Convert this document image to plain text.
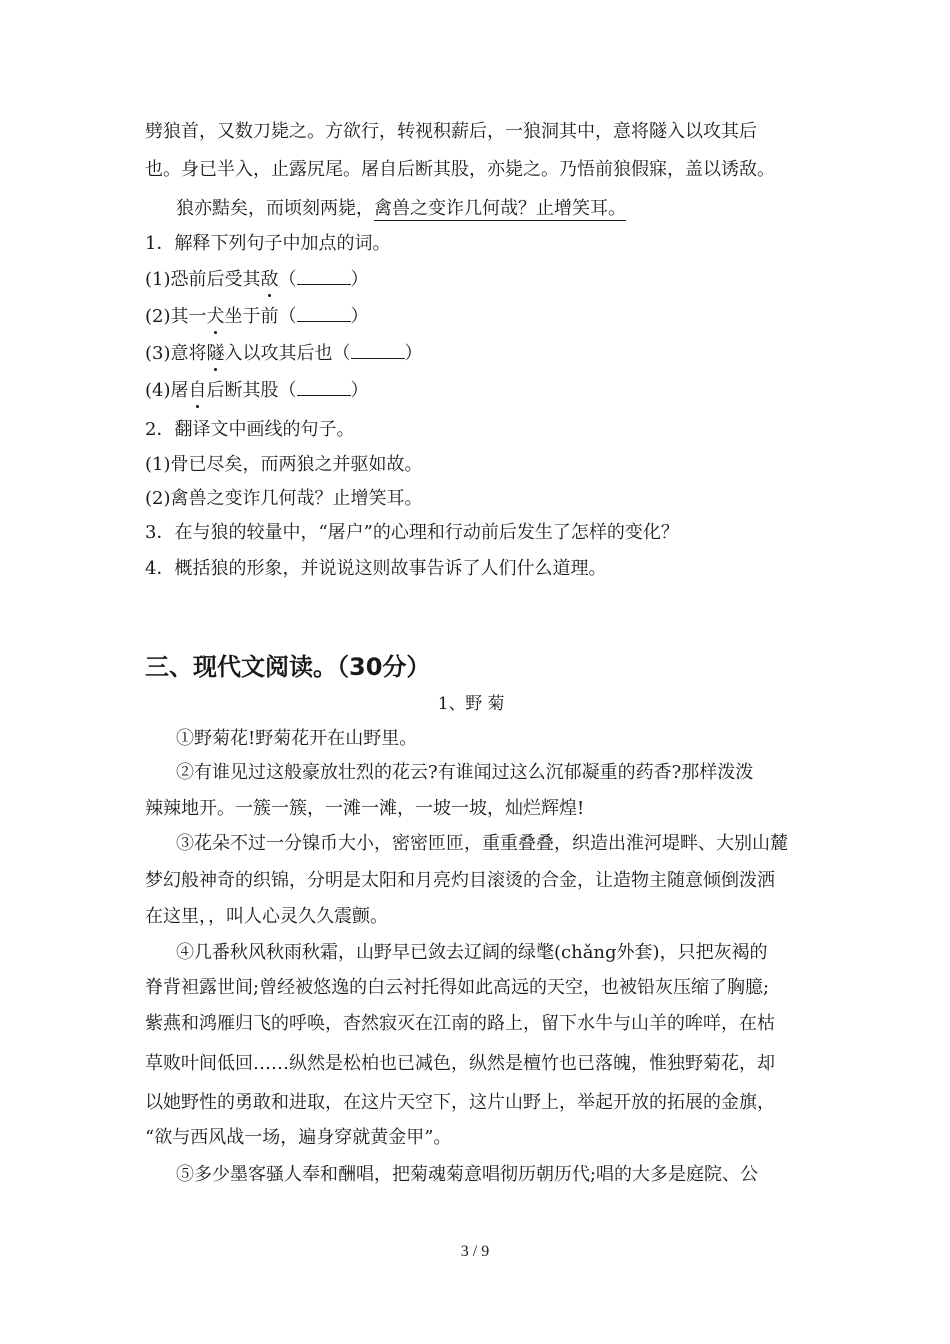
劈狼首，又数刀毙之。方欲行，转视积薪后，一狼洞其中，意将隧入以攻其后
也。身已半入，止露尻尾。屠自后断其股，亦毙之。乃悟前狼假寐，盖以诱敌。
狼亦黠矣，而顷刻两毙，禽兽之变诈几何哉？止增笑耳。
1．解释下列句子中加点的词。
(1)恐前后受其敌（	）
(2)其一犬坐于前（	）
(3)意将隧入以攻其后也（	）
(4)屠自后断其股（	）
2．翻译文中画线的句子。
(1)骨已尽矣，而两狼之并驱如故。
(2)禽兽之变诈几何哉？止增笑耳。
3．在与狼的较量中，“屠户”的心理和行动前后发生了怎样的变化？
4．概括狼的形象，并说说这则故事告诉了人们什么道理。
三、现代文阅读。（30分）
1、野 菊
①野菊花!野菊花开在山野里。
②有谁见过这般豪放壮烈的花云?有谁闻过这么沉郁凝重的药香?那样泼泼
辣辣地开。一簇一簇，一滩一滩，一坡一坡，灿烂辉煌!
③花朵不过一分镍币大小，密密匝匝，重重叠叠，织造出淮河堤畔、大别山麓
梦幻般神奇的织锦，分明是太阳和月亮灼目滚烫的合金，让造物主随意倾倒泼洒
在这里，，叫人心灵久久震颤。
④几番秋风秋雨秋霜，山野早已敛去辽阔的绿氅(chǎng外套)，只把灰褐的
脊背袒露世间;曾经被悠逸的白云衬托得如此高远的天空，也被铅灰压缩了胸臆;
紫燕和鸿雁归飞的呼唤，杳然寂灭在江南的路上，留下水牛与山羊的哞咩，在枯
草败叶间低回……纵然是松柏也已减色，纵然是檀竹也已落魄，惟独野菊花，却
以她野性的勇敢和进取，在这片天空下，这片山野上，举起开放的拓展的金旗，
“欲与西风战一场，遍身穿就黄金甲”。
⑤多少墨客骚人奉和酬唱，把菊魂菊意唱彻历朝历代;唱的大多是庭院、公
3 / 9
